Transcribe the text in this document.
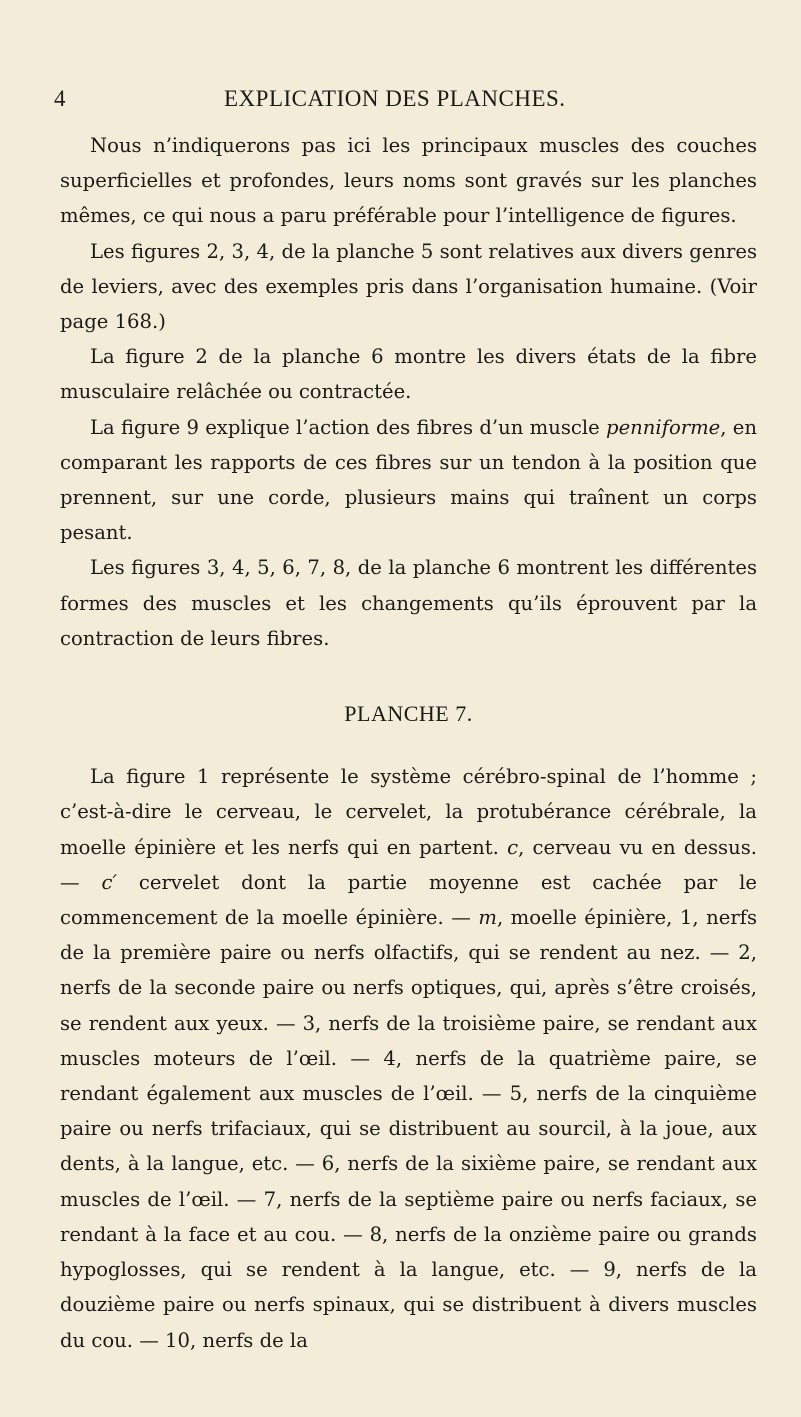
4	EXPLICATION DES PLANCHES.

Nous n’indiquerons pas ici les principaux muscles des couches superficielles et profondes, leurs noms sont gravés sur les planches mêmes, ce qui nous a paru préférable pour l’intelligence de figures.

Les figures 2, 3, 4, de la planche 5 sont relatives aux divers genres de leviers, avec des exemples pris dans l’organisation humaine. (Voir page 168.)

La figure 2 de la planche 6 montre les divers états de la fibre musculaire relâchée ou contractée.

La figure 9 explique l’action des fibres d’un muscle penniforme, en comparant les rapports de ces fibres sur un tendon à la position que prennent, sur une corde, plusieurs mains qui traînent un corps pesant.

Les figures 3, 4, 5, 6, 7, 8, de la planche 6 montrent les différentes formes des muscles et les changements qu’ils éprouvent par la contraction de leurs fibres.

PLANCHE 7.

La figure 1 représente le système cérébro-spinal de l’homme ; c’est-à-dire le cerveau, le cervelet, la protubérance cérébrale, la moelle épinière et les nerfs qui en partent. c, cerveau vu en dessus. — c′ cervelet dont la partie moyenne est cachée par le commencement de la moelle épinière. — m, moelle épinière, 1, nerfs de la première paire ou nerfs olfactifs, qui se rendent au nez. — 2, nerfs de la seconde paire ou nerfs optiques, qui, après s’être croisés, se rendent aux yeux. — 3, nerfs de la troisième paire, se rendant aux muscles moteurs de l’œil. — 4, nerfs de la quatrième paire, se rendant également aux muscles de l’œil. — 5, nerfs de la cinquième paire ou nerfs trifaciaux, qui se distribuent au sourcil, à la joue, aux dents, à la langue, etc. — 6, nerfs de la sixième paire, se rendant aux muscles de l’œil. — 7, nerfs de la septième paire ou nerfs faciaux, se rendant à la face et au cou. — 8, nerfs de la onzième paire ou grands hypoglosses, qui se rendent à la langue, etc. — 9, nerfs de la douzième paire ou nerfs spinaux, qui se distribuent à divers muscles du cou. — 10, nerfs de la
